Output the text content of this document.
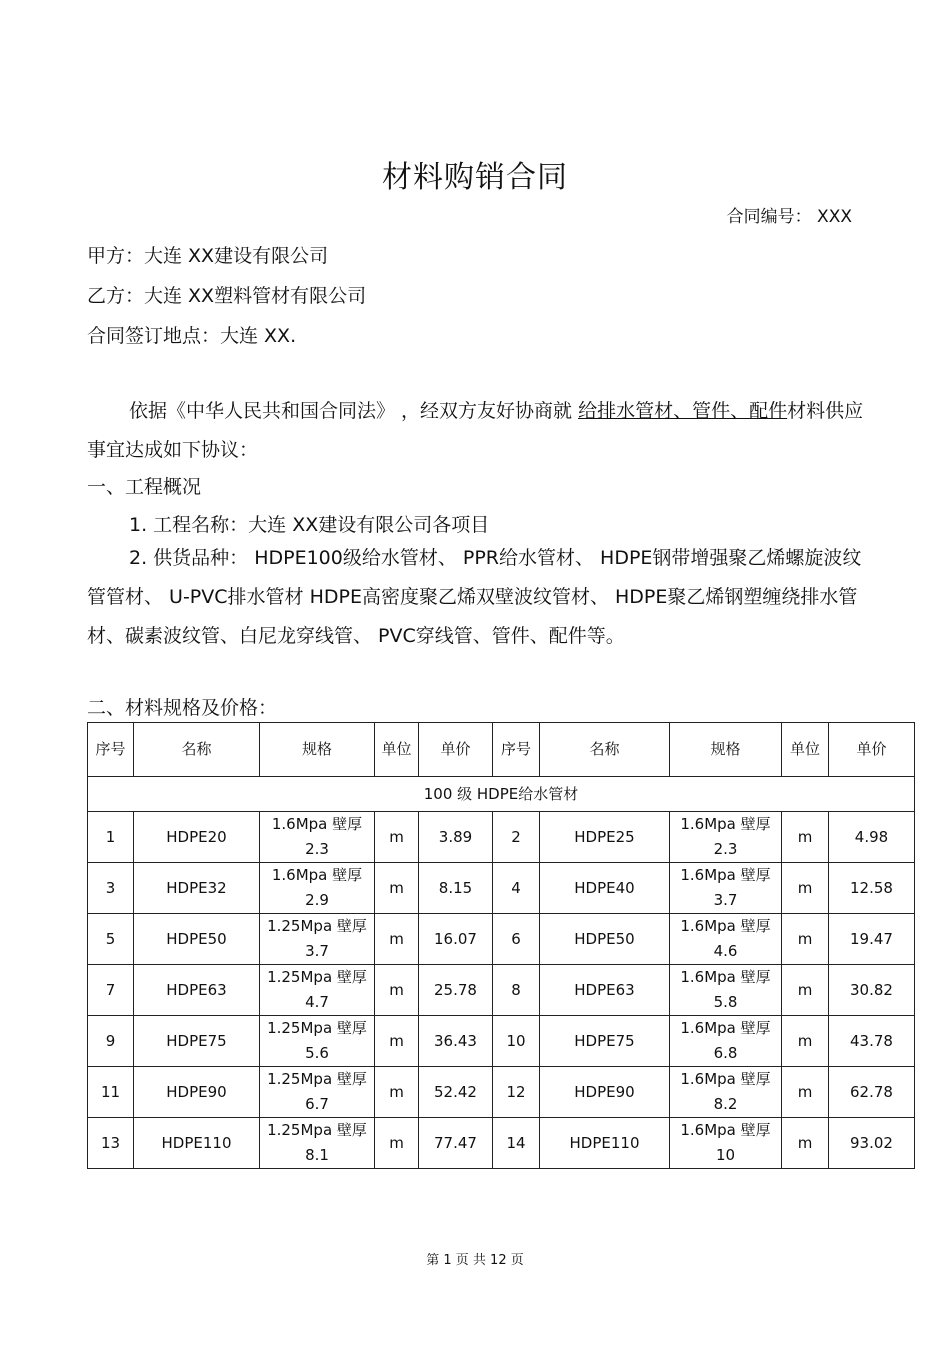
材料购销合同
合同编号： XXX
甲方：大连 XX建设有限公司
乙方：大连 XX塑料管材有限公司
合同签订地点：大连 XX.
依据《中华人民共和国合同法》 ，经双方友好协商就 给排水管材、管件、配件材料供应事宜达成如下协议：
一、工程概况
1. 工程名称：大连 XX建设有限公司各项目
2. 供货品种： HDPE100级给水管材、 PPR给水管材、 HDPE钢带增强聚乙烯螺旋波纹管管材、 U-PVC排水管材 HDPE高密度聚乙烯双壁波纹管材、 HDPE聚乙烯钢塑缠绕排水管材、碳素波纹管、白尼龙穿线管、 PVC穿线管、管件、配件等。
二、材料规格及价格：
序号	名称	规格	单位	单价	序号	名称	规格	单位	单价
100 级 HDPE给水管材									
1	HDPE20	1.6Mpa 壁厚 2.3	m	3.89	2	HDPE25	1.6Mpa 壁厚 2.3	m	4.98
3	HDPE32	1.6Mpa 壁厚 2.9	m	8.15	4	HDPE40	1.6Mpa 壁厚 3.7	m	12.58
5	HDPE50	1.25Mpa 壁厚 3.7	m	16.07	6	HDPE50	1.6Mpa 壁厚 4.6	m	19.47
7	HDPE63	1.25Mpa 壁厚 4.7	m	25.78	8	HDPE63	1.6Mpa 壁厚 5.8	m	30.82
9	HDPE75	1.25Mpa 壁厚 5.6	m	36.43	10	HDPE75	1.6Mpa 壁厚 6.8	m	43.78
11	HDPE90	1.25Mpa 壁厚 6.7	m	52.42	12	HDPE90	1.6Mpa 壁厚 8.2	m	62.78
13	HDPE110	1.25Mpa 壁厚 8.1	m	77.47	14	HDPE110	1.6Mpa 壁厚 10	m	93.02
第 1 页 共 12 页
